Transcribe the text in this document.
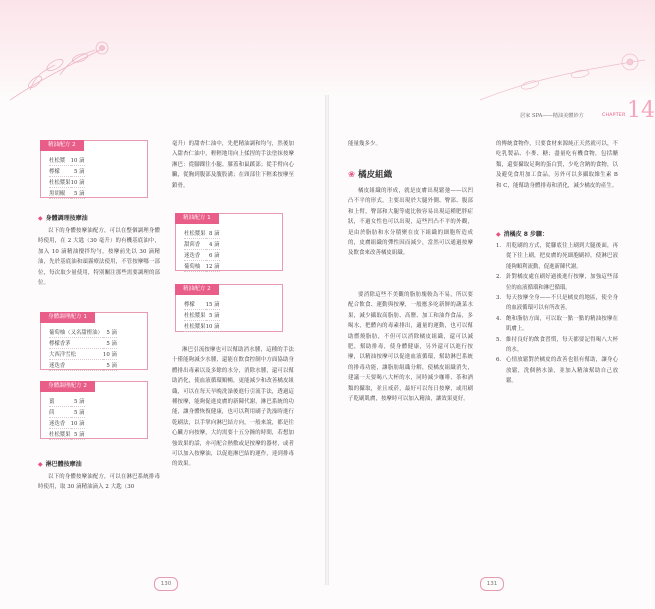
居家 SPA——精油美體妙方	CHAPTER 14
精油配方 2
杜松漿	10 滴
檸檬	5 滴
杜松漿果	10 滴
黑胡椒	5 滴
◆ 身體調理按摩油

以下的身體按摩油配方，可以在整個調理身體時使用，在 2 大匙（30 毫升）的有機基底油中，加入 10 滴精油攪拌均勻，按摩前先以 30 滴精油，先於基底油和頭霧療法使用，不管按摩哪一部位，每次取少量使用，特別關注那些需要調理的部位。

身體調理配方 1
葡萄柚（又名甜橙油）	5 滴
檸檬香茅	5 滴
大西洋雪松	10 滴
迷迭香	5 滴
身體調理配方 2
薑	5 滴
茴	5 滴
迷迭香	10 滴
杜松漿果	5 滴
◆ 淋巴體按摩油

以下的身體按摩油配方，可以在淋巴系統排毒時使用，取 30 滴精油滴入 2 大匙（30

毫升）的甜杏仁油中，先把精油調和均勻，然後加入甜杏仁油中，輕輕地用向上揉捏的手法塗抹按摩淋巴：從腳踝往小腿、膝蓋和鼠蹊部；從手臂向心臟，從胸到腹部及腹股溝；在頸部往下輕柔按摩至鎖骨。

精油配方 1
杜松漿果	8 滴
甜茴香	4 滴
迷迭香	6 滴
葡萄柚	12 滴
精油配方 2
檸檬	15 滴
杜松漿果	5 滴
杜松漿果	10 滴

淋巴引流按摩也可以幫助消水腫，這種的手法十僅能夠減少水腫，還能在飲食控制中方面協助身體排出毒素以及多餘的水分，消除水腫，還可以幫助消化，使血液循環順暢，更能減少和改善橘皮組織，可以在每天早晚洗澡後進行引流手法，透過這種按摩，能夠促進皮膚的新陳代謝，淋巴系統的功能，讓身體恢復健康，也可以利用刷子洗澡時進行乾刷法，以手掌向淋巴結方向，一般來說，都是往心臟方向按摩，大約需要十五分鐘的時間，若想加強效果的話，亦可配合熱敷或是按摩的器材，或者可以加入按摩油，以促進淋巴結的運作，達到排毒的效果。

130

能量幾多少。

❀ 橘皮組織

橘皮組織的形成，就是皮膚出現鬆弛——以凹凸不平的形式，主要出現於大腿外側、臀部、腹部和上臂，臀部和大腿等處比較容易出現這種肥胖症狀，不過女性也可以出現，這些凹凸不平的外觀，是由於脂肪和水分積聚在皮下組織的細胞所造成的，皮膚組織的彈性因而減少，當然可以通過按摩及飲食來改善橘皮組織。

要消除這些不美觀的脂肪塊較為不易，所以要配合飲食、運動與按摩，一般應多吃新鮮的蔬菜水果，減少攝取高脂肪、高鹽、加工和油炸食品，多喝水，把體內的毒素排出，適量的運動，也可以幫助燃燒脂肪，不但可以消除橘皮組織，還可以減肥，幫助排毒，使身體健康，另外還可以進行按摩，以精油按摩可以促進血液循環，幫助淋巴系統的排毒功能，讓脂肪組織分解，使橘皮組織消失，建議一天要喝八大杯的水，同時減少咖啡、茶和酒類的攝取，並且戒菸，最好可以每日按摩，或用刷子乾刷肌膚，按摩時可以加入精油，讓效果更好。

的傳統食物作，只要食材來源純正天然就可以，不吃乳製品、小麥、糖；盡量吃有機食物，包括醣類，還要攝取足夠的蛋白質，少吃含鈉的食物，以及避免食用加工食品，另外可以多攝取維生素 B 和 C，能幫助身體排毒和消化，減少橘皮的產生。

◆ 消橘皮 8 步驟：
1. 用乾刷的方式，從腳底往上刷到大腿後面，再從下往上刷，把皮膚的死細胞刷掉，使淋巴液能夠順利流動，促進新陳代謝。
2. 針對橘皮處在刷好過後進行按摩，加強這些部位的血液循環和淋巴循環。
3. 每天按摩全身——不只是橘皮的地區，使全身的血液循環可以有所改善。
4. 飽和脂肪方面，可以取一點一點的精油按摩在肌膚上。
5. 維持良好的飲食習慣，每天都要記得喝八大杯的水。
6. 心情放鬆對於橘皮的改善也很有幫助，讓身心放鬆，洗個熱水澡，並加入精油幫助自己放鬆。
131
